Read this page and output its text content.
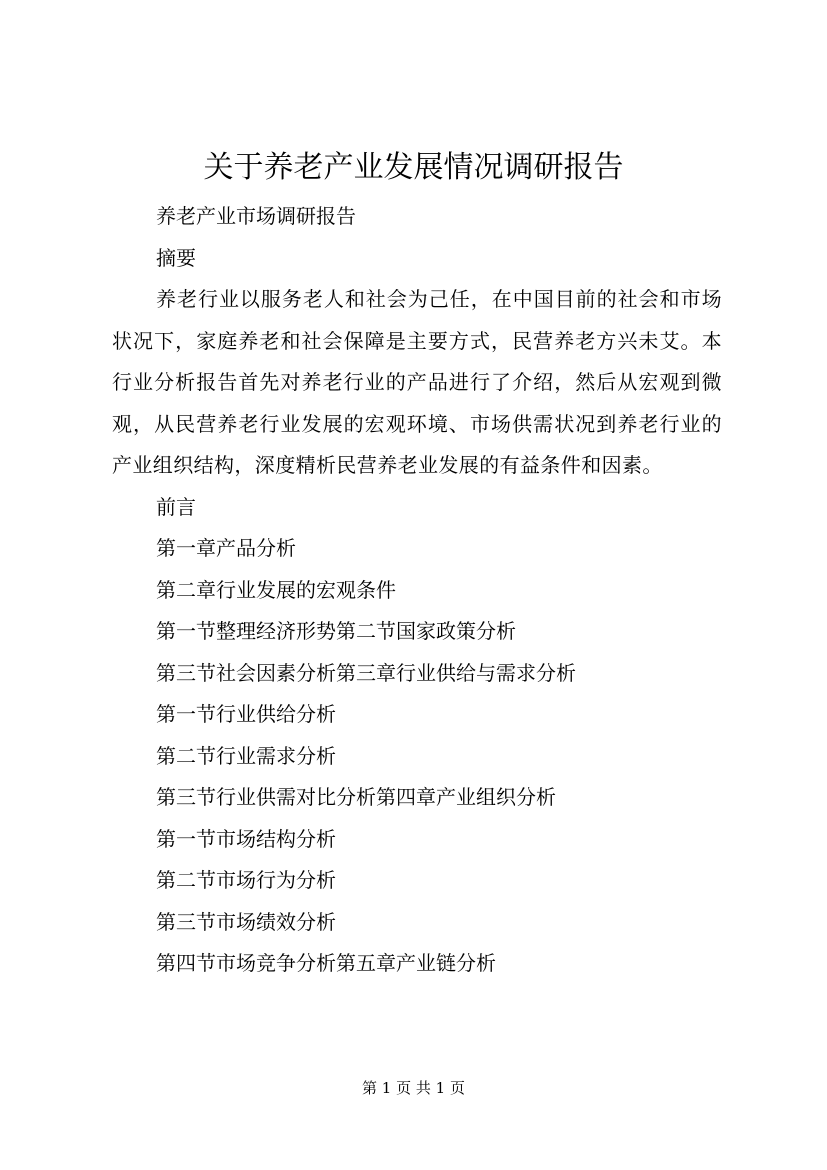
关于养老产业发展情况调研报告

养老产业市场调研报告

摘要

养老行业以服务老人和社会为己任，在中国目前的社会和市场状况下，家庭养老和社会保障是主要方式，民营养老方兴未艾。本行业分析报告首先对养老行业的产品进行了介绍，然后从宏观到微观，从民营养老行业发展的宏观环境、市场供需状况到养老行业的产业组织结构，深度精析民营养老业发展的有益条件和因素。

前言

第一章产品分析

第二章行业发展的宏观条件

第一节整理经济形势第二节国家政策分析

第三节社会因素分析第三章行业供给与需求分析

第一节行业供给分析

第二节行业需求分析

第三节行业供需对比分析第四章产业组织分析

第一节市场结构分析

第二节市场行为分析

第三节市场绩效分析

第四节市场竞争分析第五章产业链分析

第 1 页 共 1 页
